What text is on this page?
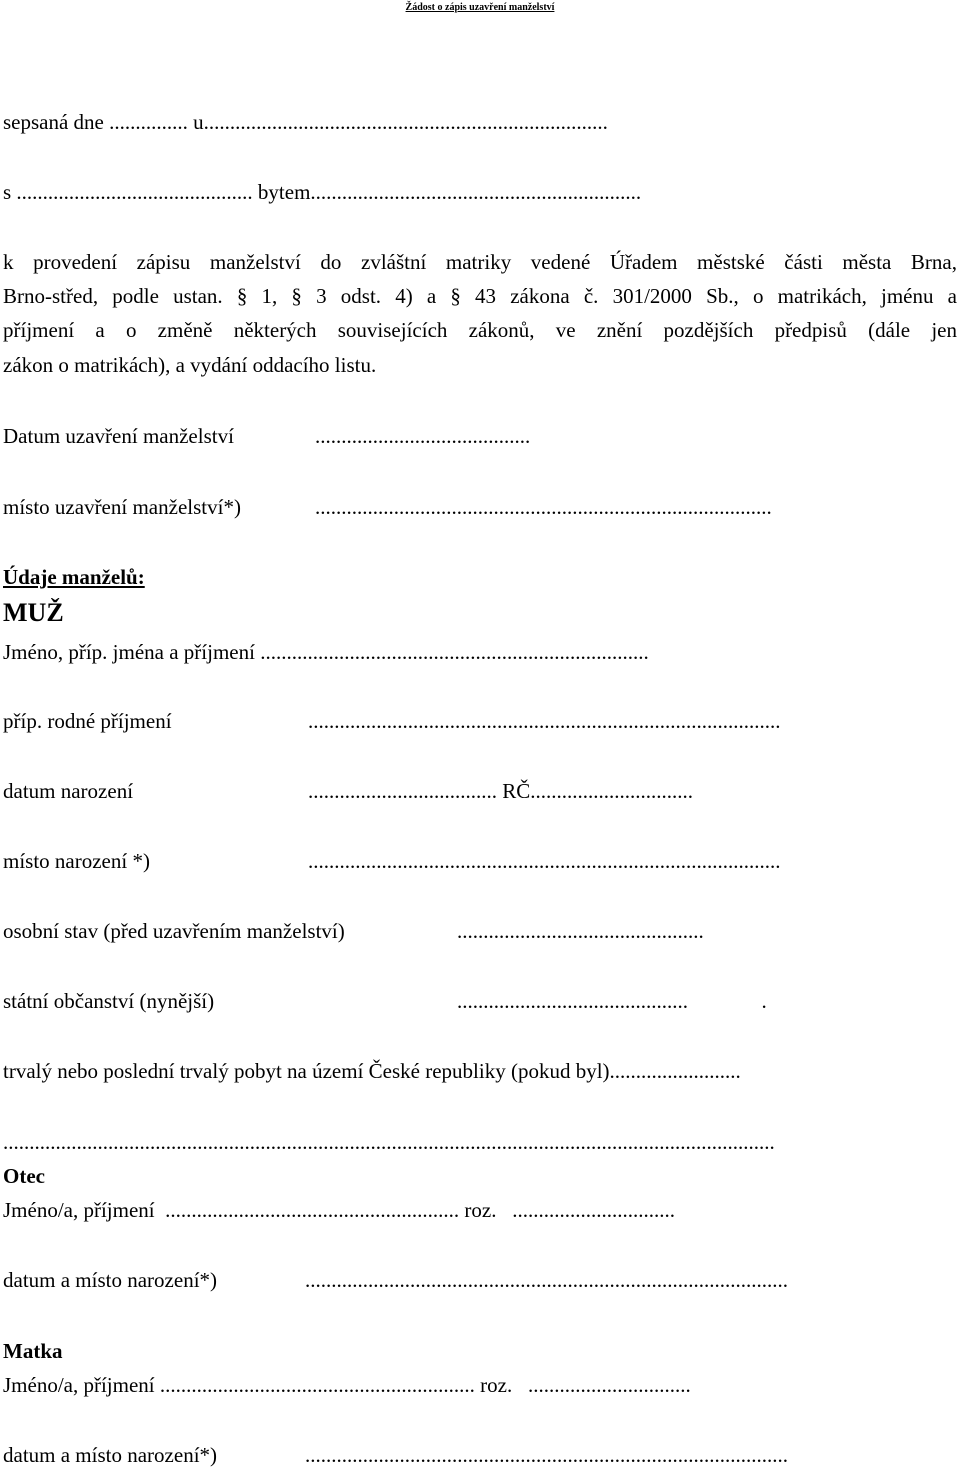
Žádost o zápis uzavření manželství
sepsaná dne ............... u.............................................................................
s ............................................. bytem...............................................................
k provedení zápisu manželství do zvláštní matriky vedené Úřadem městské části města Brna,
Brno-střed, podle ustan. § 1, § 3 odst. 4) a § 43 zákona č. 301/2000 Sb., o matrikách, jménu a
příjmení a o změně některých souvisejících zákonů, ve znění pozdějších předpisů (dále jen
zákon o matrikách), a vydání oddacího listu.
Datum uzavření manželství	.........................................
místo uzavření manželství*)	.......................................................................................
Údaje manželů:
MUŽ
Jméno, příp. jména a příjmení ..........................................................................
příp. rodné příjmení	..........................................................................................
datum narození	.................................... RČ...............................
místo narození *)	..........................................................................................
osobní stav (před uzavřením manželství)	...............................................
státní občanství (nynější)	............................................              .
trvalý nebo poslední trvalý pobyt na území České republiky (pokud byl).........................
...................................................................................................................................................
Otec
Jméno/a, příjmení  ........................................................ roz.   ...............................
datum a místo narození*)	............................................................................................
Matka
Jméno/a, příjmení ............................................................ roz.   ...............................
datum a místo narození*)	............................................................................................
